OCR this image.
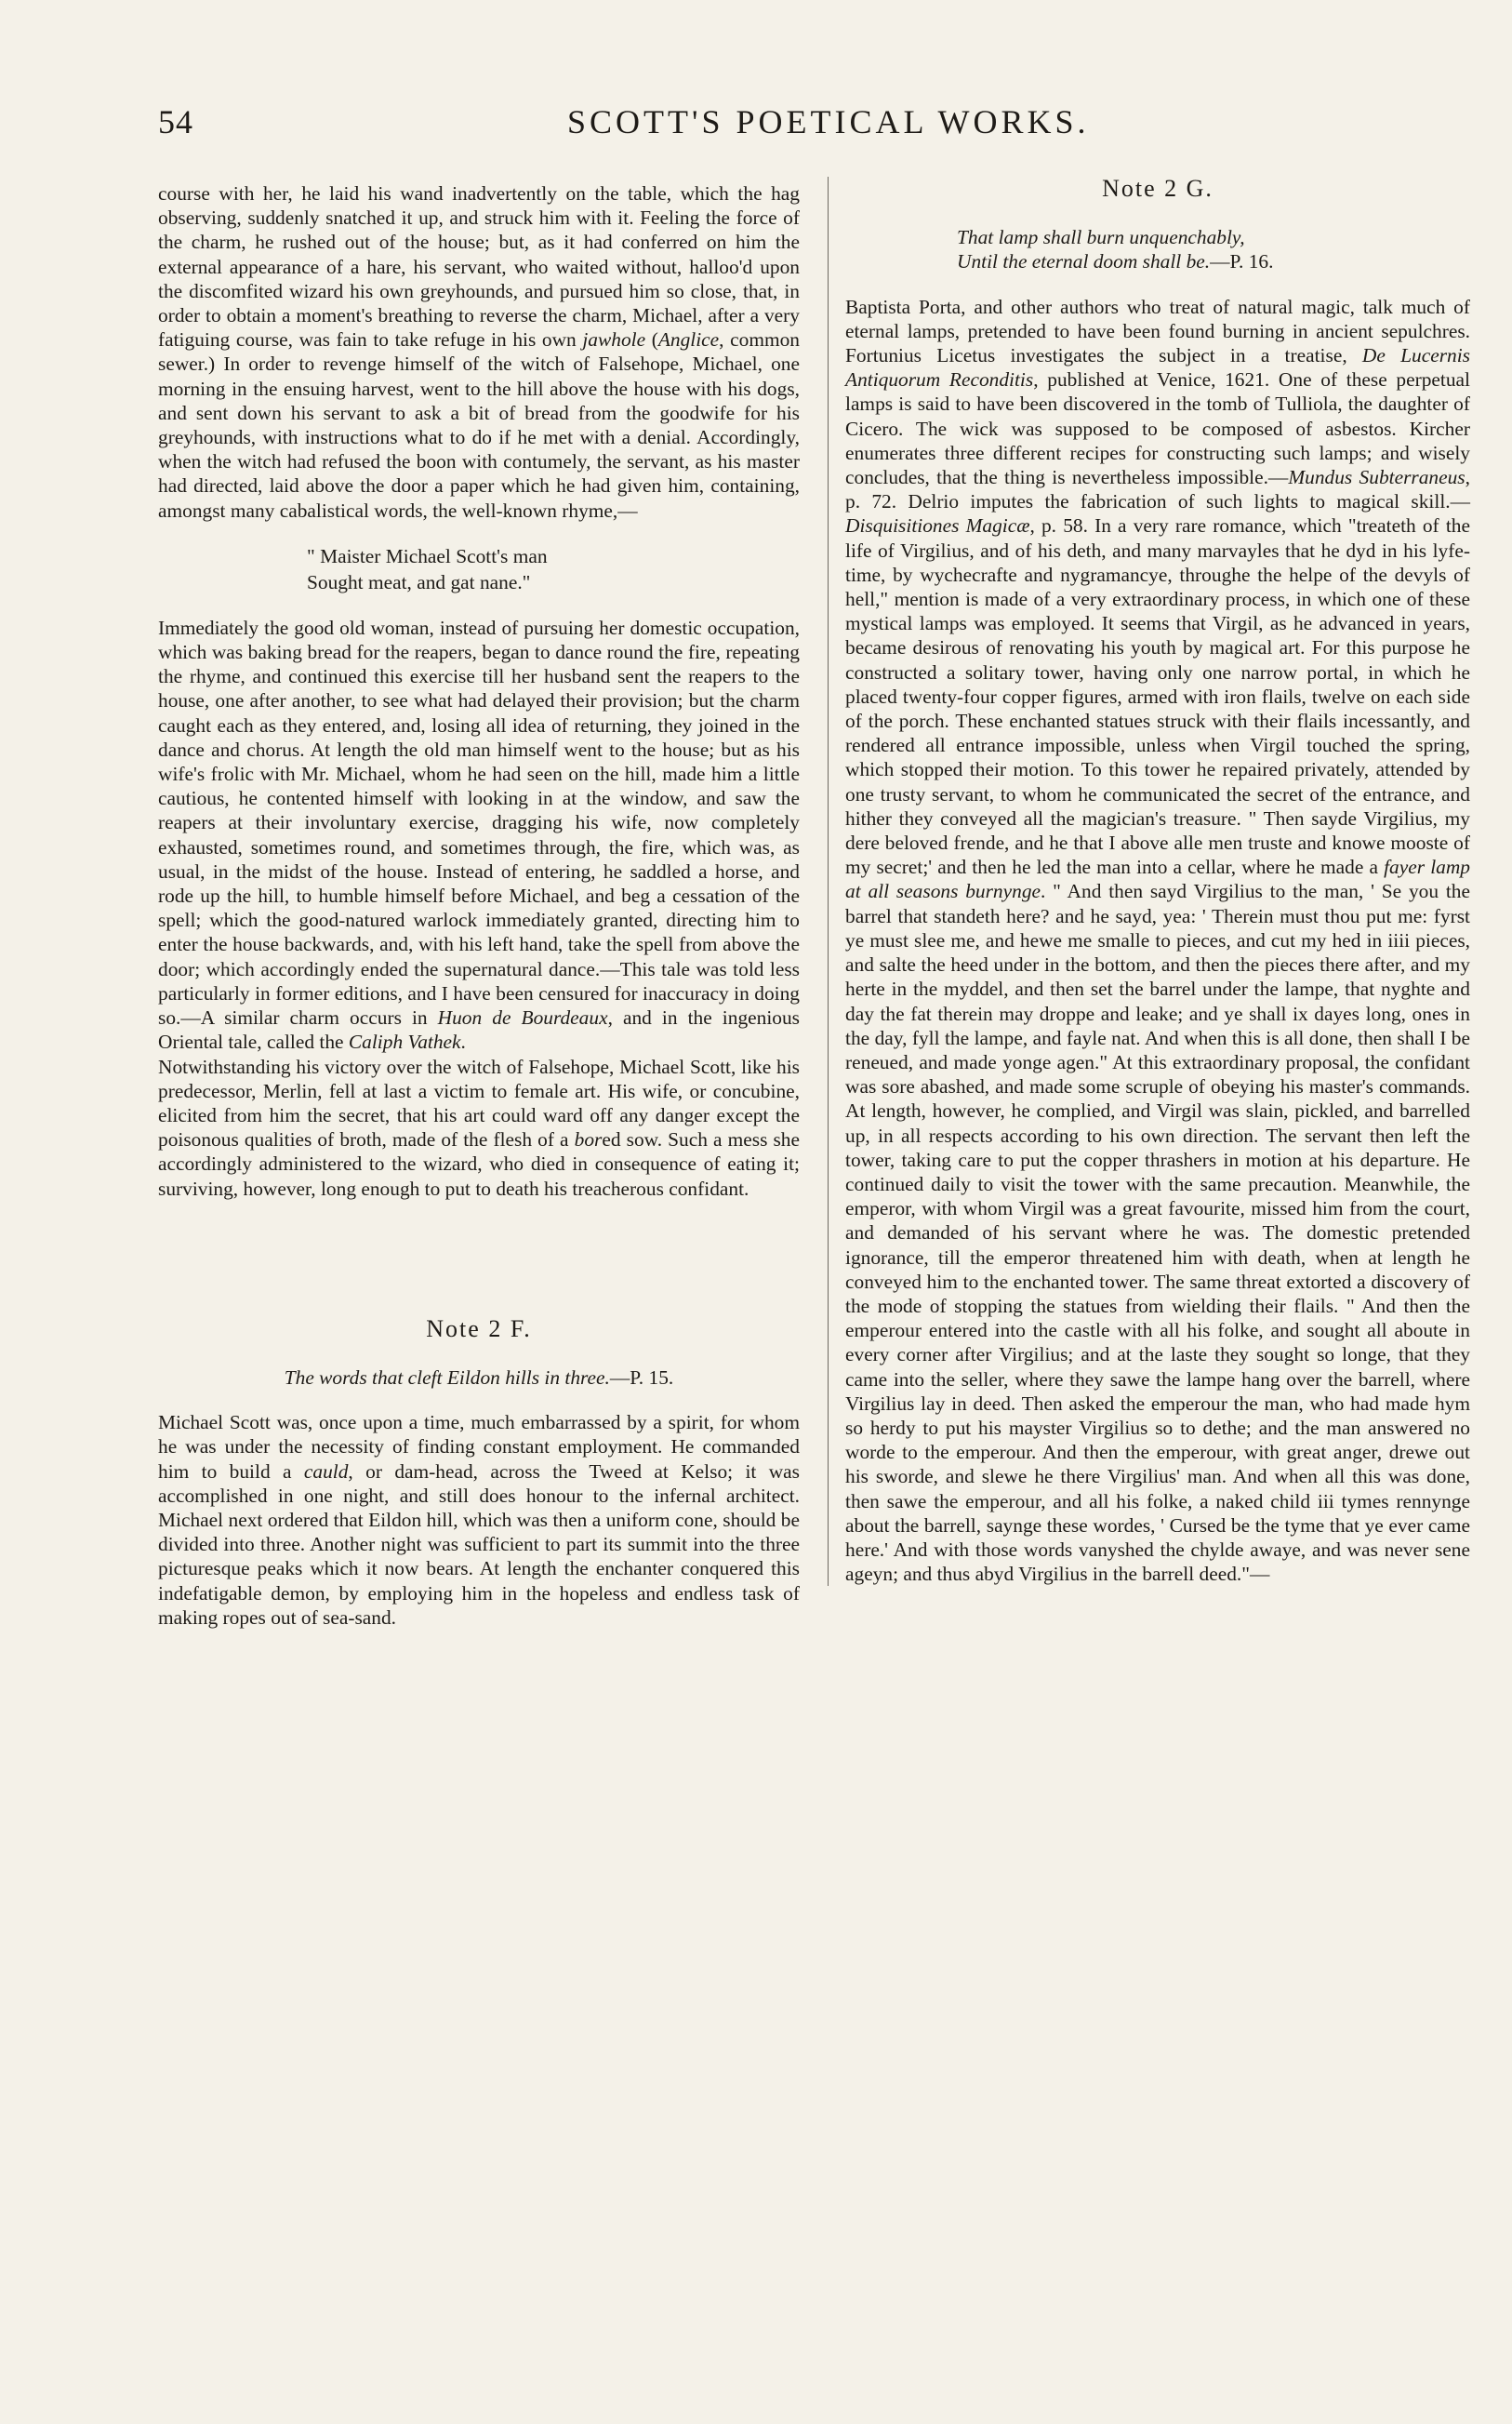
54	SCOTT'S POETICAL WORKS.

course with her, he laid his wand inadvertently on the table, which the hag observing, suddenly snatched it up, and struck him with it. Feeling the force of the charm, he rushed out of the house; but, as it had conferred on him the external appearance of a hare, his servant, who waited without, halloo'd upon the discomfited wizard his own greyhounds, and pursued him so close, that, in order to obtain a moment's breathing to reverse the charm, Michael, after a very fatiguing course, was fain to take refuge in his own jawhole (Anglice, common sewer.) In order to revenge himself of the witch of Falsehope, Michael, one morning in the ensuing harvest, went to the hill above the house with his dogs, and sent down his servant to ask a bit of bread from the goodwife for his greyhounds, with instructions what to do if he met with a denial. Accordingly, when the witch had refused the boon with contumely, the servant, as his master had directed, laid above the door a paper which he had given him, containing, amongst many cabalistical words, the well-known rhyme,—

" Maister Michael Scott's man
Sought meat, and gat nane."

Immediately the good old woman, instead of pursuing her domestic occupation, which was baking bread for the reapers, began to dance round the fire, repeating the rhyme, and continued this exercise till her husband sent the reapers to the house, one after another, to see what had delayed their provision; but the charm caught each as they entered, and, losing all idea of returning, they joined in the dance and chorus. At length the old man himself went to the house; but as his wife's frolic with Mr. Michael, whom he had seen on the hill, made him a little cautious, he contented himself with looking in at the window, and saw the reapers at their involuntary exercise, dragging his wife, now completely exhausted, sometimes round, and sometimes through, the fire, which was, as usual, in the midst of the house. Instead of entering, he saddled a horse, and rode up the hill, to humble himself before Michael, and beg a cessation of the spell; which the good-natured warlock immediately granted, directing him to enter the house backwards, and, with his left hand, take the spell from above the door; which accordingly ended the supernatural dance.—This tale was told less particularly in former editions, and I have been censured for inaccuracy in doing so.—A similar charm occurs in Huon de Bourdeaux, and in the ingenious Oriental tale, called the Caliph Vathek.

Notwithstanding his victory over the witch of Falsehope, Michael Scott, like his predecessor, Merlin, fell at last a victim to female art. His wife, or concubine, elicited from him the secret, that his art could ward off any danger except the poisonous qualities of broth, made of the flesh of a bored sow. Such a mess she accordingly administered to the wizard, who died in consequence of eating it; surviving, however, long enough to put to death his treacherous confidant.

Note 2 F.
The words that cleft Eildon hills in three.—P. 15.

Michael Scott was, once upon a time, much embarrassed by a spirit, for whom he was under the necessity of finding constant employment. He commanded him to build a cauld, or dam-head, across the Tweed at Kelso; it was accomplished in one night, and still does honour to the infernal architect. Michael next ordered that Eildon hill, which was then a uniform cone, should be divided into three. Another night was sufficient to part its summit into the three picturesque peaks which it now bears. At length the enchanter conquered this indefatigable demon, by employing him in the hopeless and endless task of making ropes out of sea-sand.

Note 2 G.
That lamp shall burn unquenchably,
Until the eternal doom shall be.—P. 16.

Baptista Porta, and other authors who treat of natural magic, talk much of eternal lamps, pretended to have been found burning in ancient sepulchres. Fortunius Licetus investigates the subject in a treatise, De Lucernis Antiquorum Reconditis, published at Venice, 1621. One of these perpetual lamps is said to have been discovered in the tomb of Tulliola, the daughter of Cicero. The wick was supposed to be composed of asbestos. Kircher enumerates three different recipes for constructing such lamps; and wisely concludes, that the thing is nevertheless impossible.—Mundus Subterraneus, p. 72. Delrio imputes the fabrication of such lights to magical skill.—Disquisitiones Magicæ, p. 58. In a very rare romance, which "treateth of the life of Virgilius, and of his deth, and many marvayles that he dyd in his lyfe-time, by wychecrafte and nygramancye, throughe the helpe of the devyls of hell," mention is made of a very extraordinary process, in which one of these mystical lamps was employed. It seems that Virgil, as he advanced in years, became desirous of renovating his youth by magical art. For this purpose he constructed a solitary tower, having only one narrow portal, in which he placed twenty-four copper figures, armed with iron flails, twelve on each side of the porch. These enchanted statues struck with their flails incessantly, and rendered all entrance impossible, unless when Virgil touched the spring, which stopped their motion. To this tower he repaired privately, attended by one trusty servant, to whom he communicated the secret of the entrance, and hither they conveyed all the magician's treasure. " Then sayde Virgilius, my dere beloved frende, and he that I above alle men truste and knowe mooste of my secret;' and then he led the man into a cellar, where he made a fayer lamp at all seasons burnynge. " And then sayd Virgilius to the man, ' Se you the barrel that standeth here? and he sayd, yea: ' Therein must thou put me: fyrst ye must slee me, and hewe me smalle to pieces, and cut my hed in iiii pieces, and salte the heed under in the bottom, and then the pieces there after, and my herte in the myddel, and then set the barrel under the lampe, that nyghte and day the fat therein may droppe and leake; and ye shall ix dayes long, ones in the day, fyll the lampe, and fayle nat. And when this is all done, then shall I be reneued, and made yonge agen." At this extraordinary proposal, the confidant was sore abashed, and made some scruple of obeying his master's commands. At length, however, he complied, and Virgil was slain, pickled, and barrelled up, in all respects according to his own direction. The servant then left the tower, taking care to put the copper thrashers in motion at his departure. He continued daily to visit the tower with the same precaution. Meanwhile, the emperor, with whom Virgil was a great favourite, missed him from the court, and demanded of his servant where he was. The domestic pretended ignorance, till the emperor threatened him with death, when at length he conveyed him to the enchanted tower. The same threat extorted a discovery of the mode of stopping the statues from wielding their flails. " And then the emperour entered into the castle with all his folke, and sought all aboute in every corner after Virgilius; and at the laste they sought so longe, that they came into the seller, where they sawe the lampe hang over the barrell, where Virgilius lay in deed. Then asked the emperour the man, who had made hym so herdy to put his mayster Virgilius so to dethe; and the man answered no worde to the emperour. And then the emperour, with great anger, drewe out his sworde, and slewe he there Virgilius' man. And when all this was done, then sawe the emperour, and all his folke, a naked child iii tymes rennynge about the barrell, saynge these wordes, ' Cursed be the tyme that ye ever came here.' And with those words vanyshed the chylde awaye, and was never sene ageyn; and thus abyd Virgilius in the barrell deed."—
